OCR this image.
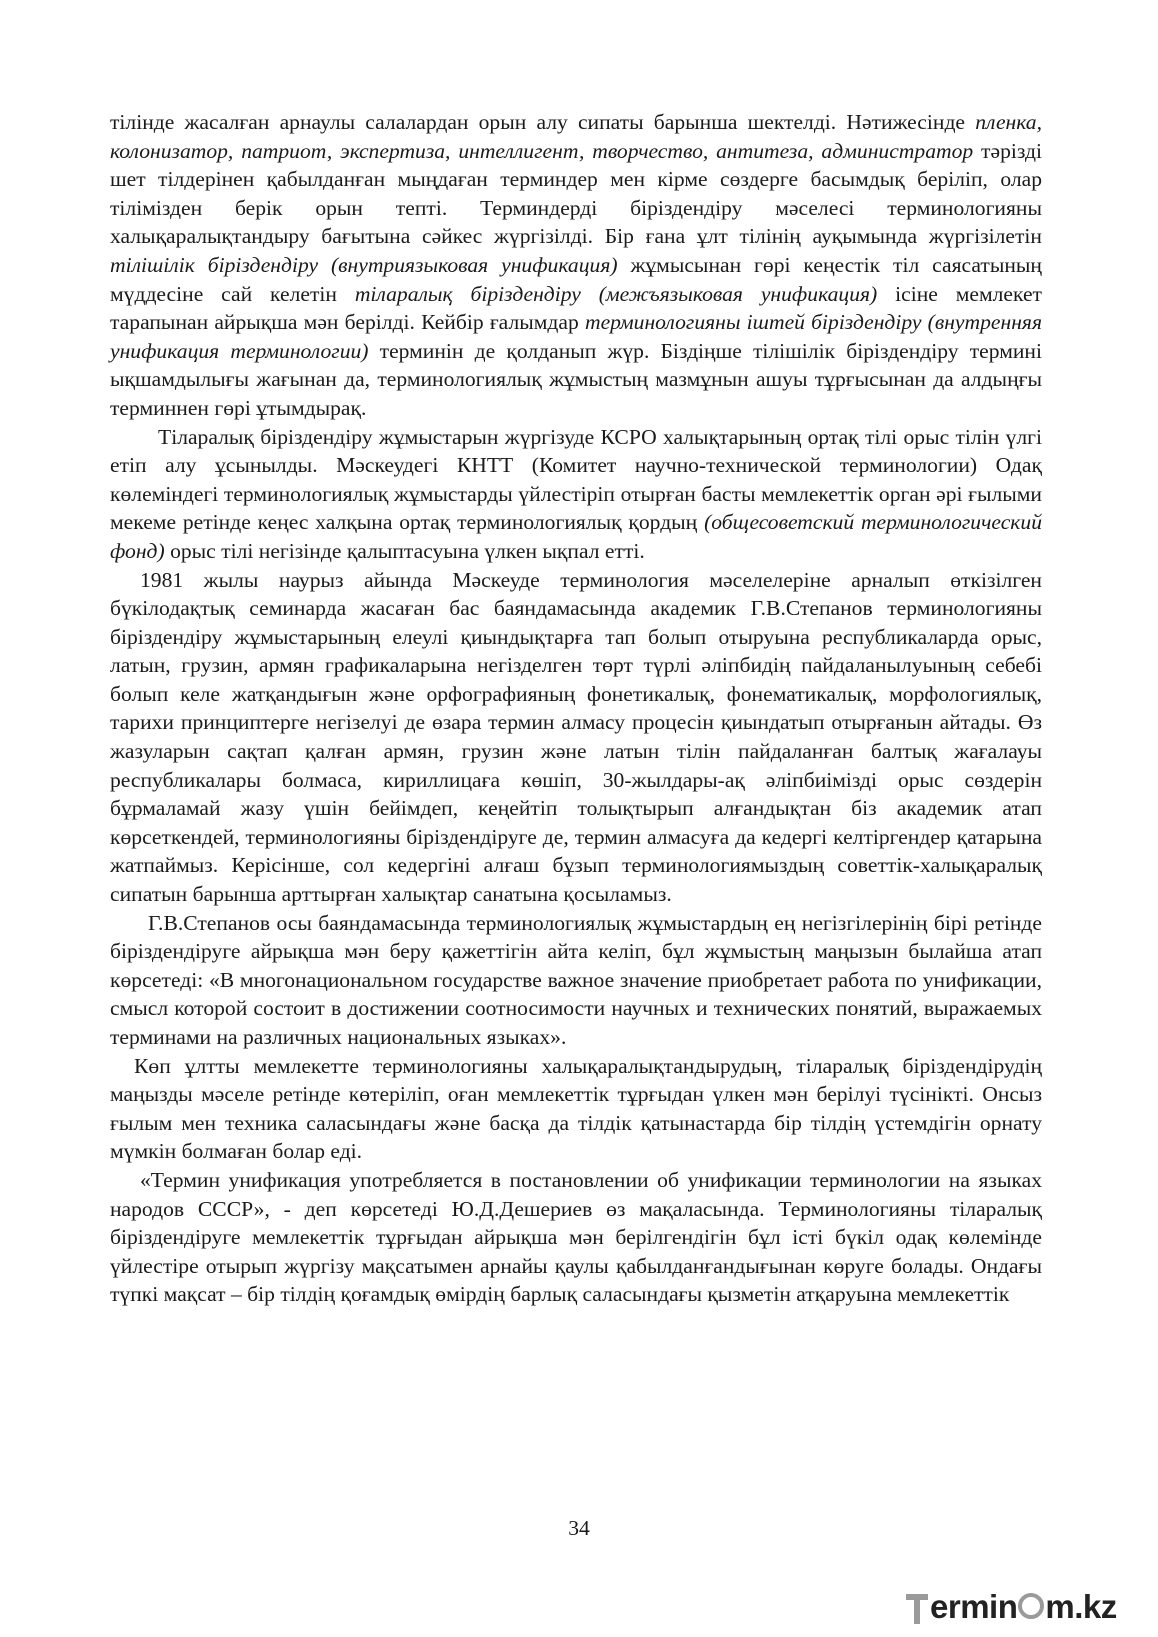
тілінде жасалған арнаулы салалардан орын алу сипаты барынша шектелді. Нәтижесінде пленка, колонизатор, патриот, экспертиза, интеллигент, творчество, антитеза, администратор тәрізді шет тілдерінен қабылданған мыңдаған терминдер мен кірме сөздерге басымдық беріліп, олар тілімізден берік орын тепті. Терминдерді біріздендіру мәселесі терминологияны халықаралықтандыру бағытына сәйкес жүргізілді. Бір ғана ұлт тілінің ауқымында жүргізілетін тілішілік біріздендіру (внутриязыковая унификация) жұмысынан гөрі кеңестік тіл саясатының мүддесіне сай келетін тіларалық біріздендіру (межъязыковая унификация) ісіне мемлекет тарапынан айрықша мән берілді. Кейбір ғалымдар терминологияны іштей біріздендіру (внутренняя унификация терминологии) терминін де қолданып жүр. Біздіңше тілішілік біріздендіру термині ықшамдылығы жағынан да, терминологиялық жұмыстың мазмұнын ашуы тұрғысынан да алдыңғы терминнен гөрі ұтымдырақ.

Тіларалық біріздендіру жұмыстарын жүргізуде КСРО халықтарының ортақ тілі орыс тілін үлгі етіп алу ұсынылды. Мәскеудегі КНТТ (Комитет научно-технической терминологии) Одақ көлеміндегі терминологиялық жұмыстарды үйлестіріп отырған басты мемлекеттік орган әрі ғылыми мекеме ретінде кеңес халқына ортақ терминологиялық қордың (общесоветский терминологический фонд) орыс тілі негізінде қалыптасуына үлкен ықпал етті.

1981 жылы наурыз айында Мәскеуде терминология мәселелеріне арналып өткізілген бүкілодақтық семинарда жасаған бас баяндамасында академик Г.В.Степанов терминологияны біріздендіру жұмыстарының елеулі қиындықтарға тап болып отыруына республикаларда орыс, латын, грузин, армян графикаларына негізделген төрт түрлі әліпбидің пайдаланылуының себебі болып келе жатқандығын және орфографияның фонетикалық, фонематикалық, морфологиялық, тарихи принциптерге негізелуі де өзара термин алмасу процесін қиындатып отырғанын айтады. Өз жазуларын сақтап қалған армян, грузин және латын тілін пайдаланған балтық жағалауы республикалары болмаса, кириллицаға көшіп, 30-жылдары-ақ әліпбиімізді орыс сөздерін бұрмаламай жазу үшін бейімдеп, кеңейтіп толықтырып алғандықтан біз академик атап көрсеткендей, терминологияны біріздендіруге де, термин алмасуға да кедергі келтіргендер қатарына жатпаймыз. Керісінше, сол кедергіні алғаш бұзып терминологиямыздың советтік-халықаралық сипатын барынша арттырған халықтар санатына қосыламыз.

Г.В.Степанов осы баяндамасында терминологиялық жұмыстардың ең негізгілерінің бірі ретінде біріздендіруге айрықша мән беру қажеттігін айта келіп, бұл жұмыстың маңызын былайша атап көрсетеді: «В многонациональном государстве важное значение приобретает работа по унификации, смысл которой состоит в достижении соотносимости научных и технических понятий, выражаемых терминами на различных национальных языках».

Көп ұлтты мемлекетте терминологияны халықаралықтандырудың, тіларалық біріздендірудің маңызды мәселе ретінде көтеріліп, оған мемлекеттік тұрғыдан үлкен мән берілуі түсінікті. Онсыз ғылым мен техника саласындағы және басқа да тілдік қатынастарда бір тілдің үстемдігін орнату мүмкін болмаған болар еді.

«Термин унификация употребляется в постановлении об унификации терминологии на языках народов СССР», - деп көрсетеді Ю.Д.Дешериев өз мақаласында. Терминологияны тіларалық біріздендіруге мемлекеттік тұрғыдан айрықша мән берілгендігін бұл істі бүкіл одақ көлемінде үйлестіре отырып жүргізу мақсатымен арнайы қаулы қабылданғандығынан көруге болады. Ондағы түпкі мақсат – бір тілдің қоғамдық өмірдің барлық саласындағы қызметін атқаруына мемлекеттік

34
ermin m.kz
